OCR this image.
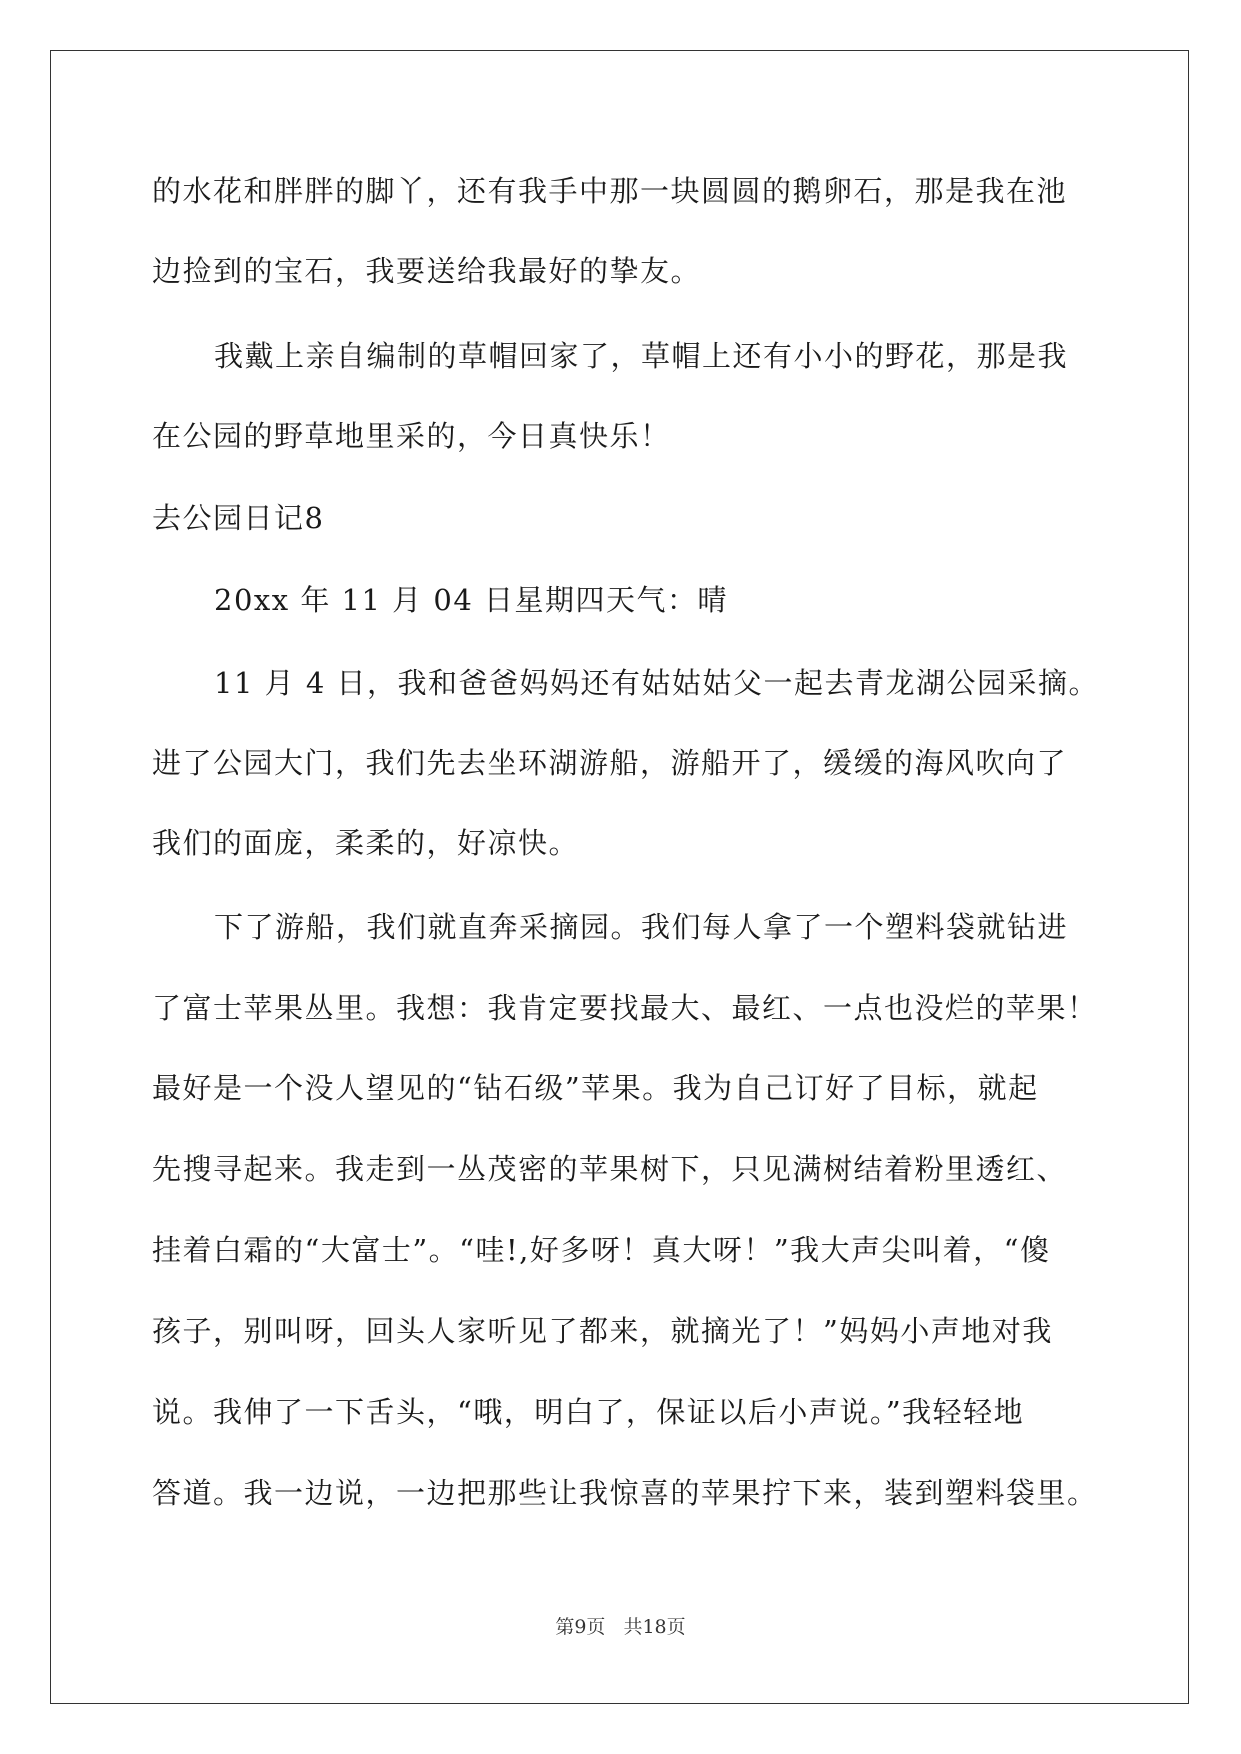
的水花和胖胖的脚丫，还有我手中那一块圆圆的鹅卵石，那是我在池
边捡到的宝石，我要送给我最好的挚友。
我戴上亲自编制的草帽回家了，草帽上还有小小的野花，那是我
在公园的野草地里采的，今日真快乐！
去公园日记8
20xx 年 11 月 04 日星期四天气：晴
11 月 4 日，我和爸爸妈妈还有姑姑姑父一起去青龙湖公园采摘。
进了公园大门，我们先去坐环湖游船，游船开了，缓缓的海风吹向了
我们的面庞，柔柔的，好凉快。
下了游船，我们就直奔采摘园。我们每人拿了一个塑料袋就钻进
了富士苹果丛里。我想：我肯定要找最大、最红、一点也没烂的苹果！
最好是一个没人望见的“钻石级”苹果。我为自己订好了目标，就起
先搜寻起来。我走到一丛茂密的苹果树下，只见满树结着粉里透红、
挂着白霜的“大富士”。“哇!,好多呀！真大呀！”我大声尖叫着，“傻
孩子，别叫呀，回头人家听见了都来，就摘光了！”妈妈小声地对我
说。我伸了一下舌头，“哦，明白了，保证以后小声说。”我轻轻地
答道。我一边说，一边把那些让我惊喜的苹果拧下来，装到塑料袋里。
第9页 共18页
